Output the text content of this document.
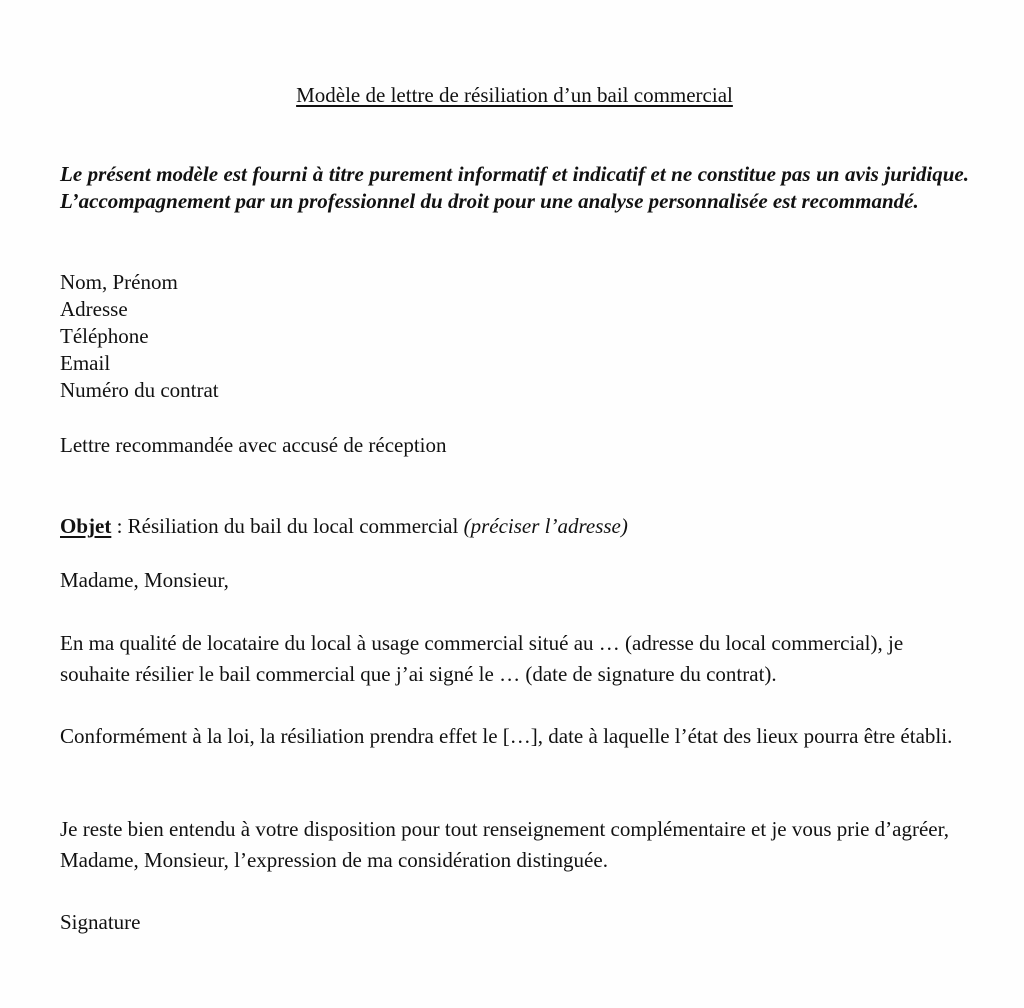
Modèle de lettre de résiliation d’un bail commercial
Le présent modèle est fourni à titre purement informatif et indicatif et ne constitue pas un avis juridique. L’accompagnement par un professionnel du droit pour une analyse personnalisée est recommandé.
Nom, Prénom
Adresse
Téléphone
Email
Numéro du contrat
Lettre recommandée avec accusé de réception
Objet : Résiliation du bail du local commercial (préciser l’adresse)
Madame, Monsieur,
En ma qualité de locataire du local à usage commercial situé au … (adresse du local commercial), je souhaite résilier le bail commercial que j’ai signé le … (date de signature du contrat).
Conformément à la loi, la résiliation prendra effet le […], date à laquelle l’état des lieux pourra être établi.
Je reste bien entendu à votre disposition pour tout renseignement complémentaire et je vous prie d’agréer, Madame, Monsieur, l’expression de ma considération distinguée.
Signature
